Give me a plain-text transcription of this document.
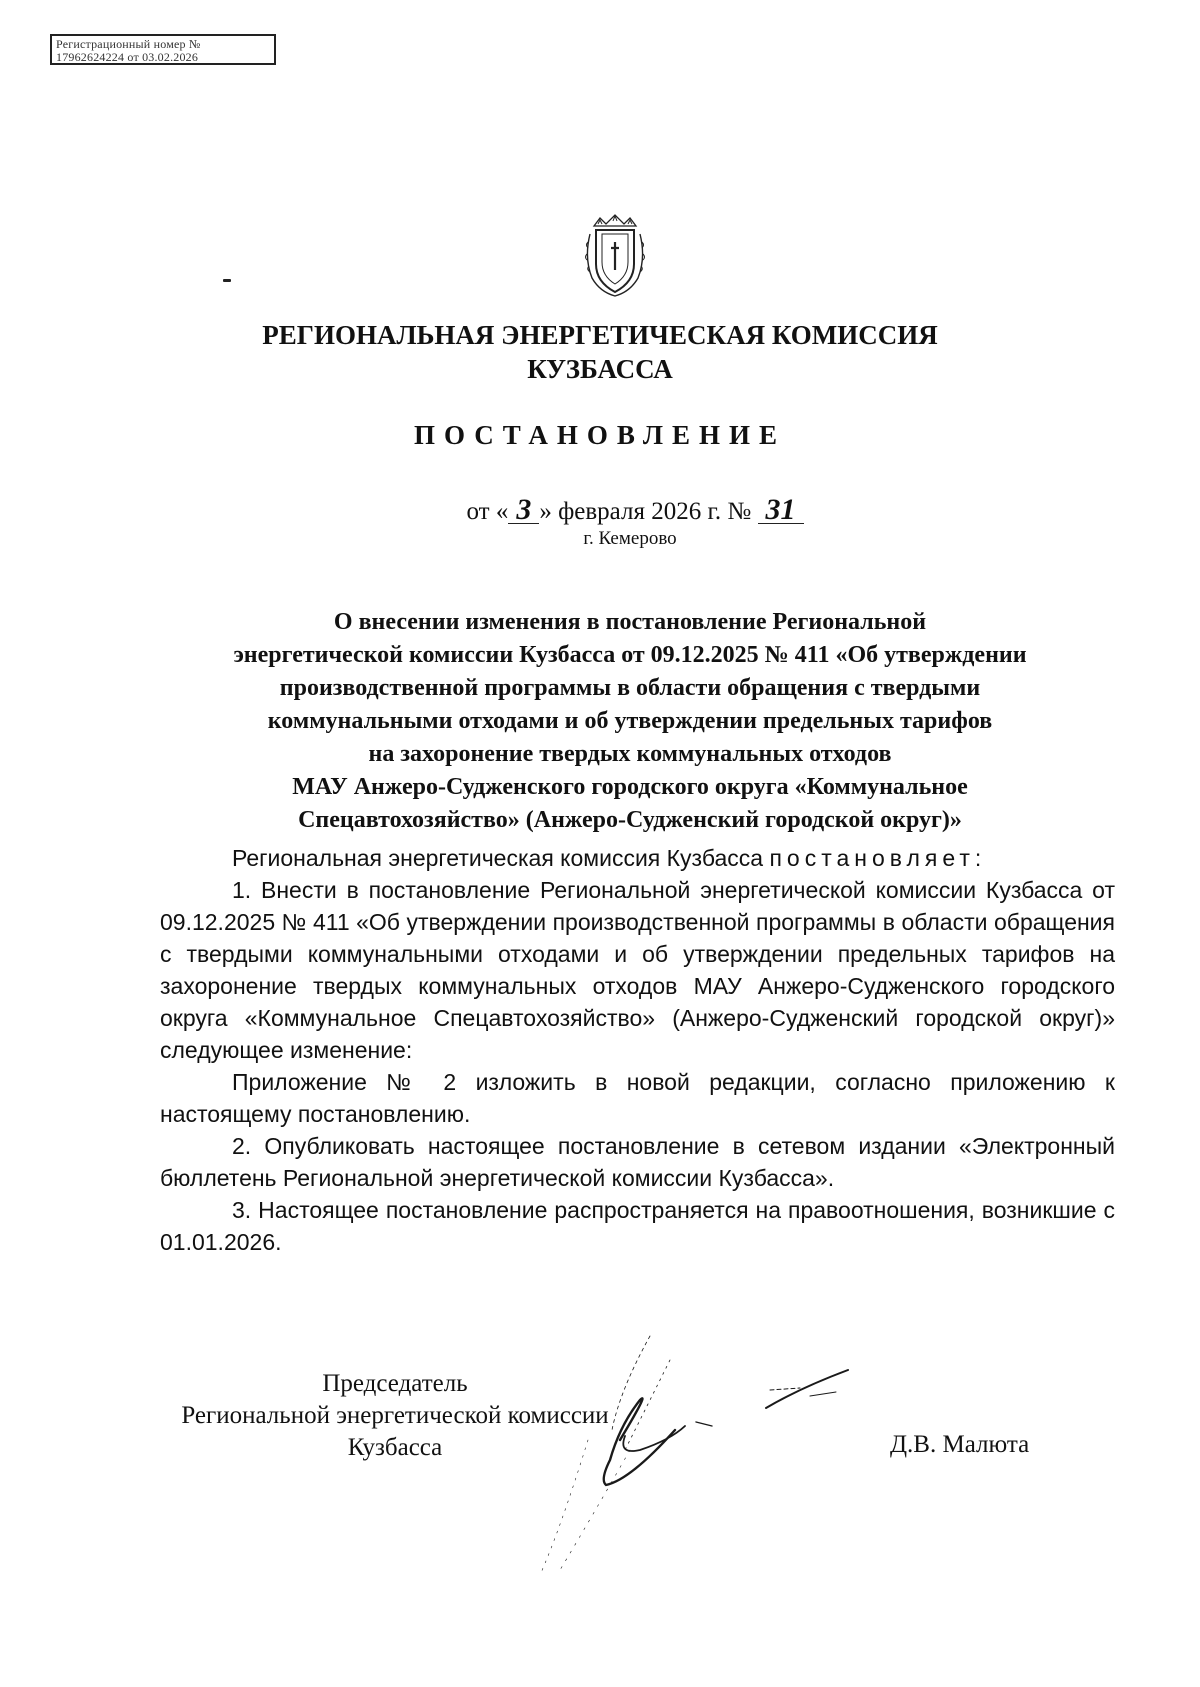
Регистрационный номер №
17962624224 от 03.02.2026
РЕГИОНАЛЬНАЯ ЭНЕРГЕТИЧЕСКАЯ КОМИССИЯ
КУЗБАССА
ПОСТАНОВЛЕНИЕ
от « 3 » февраля 2026 г. № 31
г. Кемерово
О внесении изменения в постановление Региональной
энергетической комиссии Кузбасса от 09.12.2025 № 411 «Об утверждении
производственной программы в области обращения с твердыми
коммунальными отходами и об утверждении предельных тарифов
на захоронение твердых коммунальных отходов
МАУ Анжеро-Судженского городского округа «Коммунальное
Спецавтохозяйство» (Анжеро-Судженский городской округ)»

Региональная энергетическая комиссия Кузбасса постановляет:

1. Внести в постановление Региональной энергетической комиссии Кузбасса от 09.12.2025 № 411 «Об утверждении производственной программы в области обращения с твердыми коммунальными отходами и об утверждении предельных тарифов на захоронение твердых коммунальных отходов МАУ Анжеро-Судженского городского округа «Коммунальное Спецавтохозяйство» (Анжеро-Судженский городской округ)» следующее изменение:

Приложение № 2 изложить в новой редакции, согласно приложению к настоящему постановлению.

2. Опубликовать настоящее постановление в сетевом издании «Электронный бюллетень Региональной энергетической комиссии Кузбасса».

3. Настоящее постановление распространяется на правоотношения, возникшие с 01.01.2026.

Председатель
Региональной энергетической комиссии
Кузбасса	Д.В. Малюта
